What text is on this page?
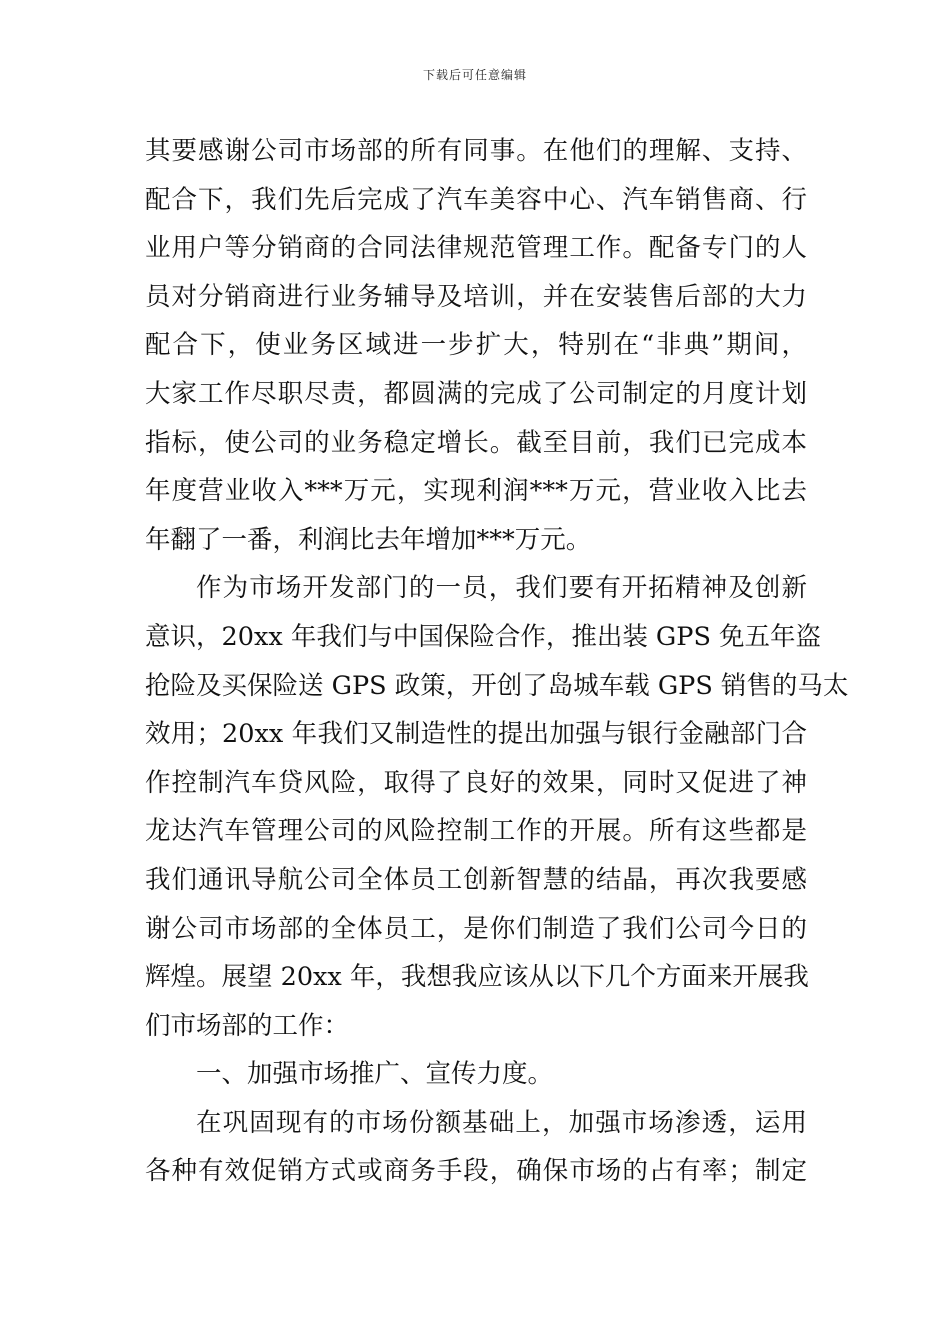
下载后可任意编辑
其要感谢公司市场部的所有同事。在他们的理解、支持、
配合下，我们先后完成了汽车美容中心、汽车销售商、行
业用户等分销商的合同法律规范管理工作。配备专门的人
员对分销商进行业务辅导及培训，并在安装售后部的大力
配合下，使业务区域进一步扩大，特别在“非典”期间，
大家工作尽职尽责，都圆满的完成了公司制定的月度计划
指标，使公司的业务稳定增长。截至目前，我们已完成本
年度营业收入***万元，实现利润***万元，营业收入比去
年翻了一番，利润比去年增加***万元。
作为市场开发部门的一员，我们要有开拓精神及创新
意识，20xx 年我们与中国保险合作，推出装 GPS 免五年盗
抢险及买保险送 GPS 政策，开创了岛城车载 GPS 销售的马太
效用；20xx 年我们又制造性的提出加强与银行金融部门合
作控制汽车贷风险，取得了良好的效果，同时又促进了神
龙达汽车管理公司的风险控制工作的开展。所有这些都是
我们通讯导航公司全体员工创新智慧的结晶，再次我要感
谢公司市场部的全体员工，是你们制造了我们公司今日的
辉煌。展望 20xx 年，我想我应该从以下几个方面来开展我
们市场部的工作：
一、加强市场推广、宣传力度。
在巩固现有的市场份额基础上，加强市场渗透，运用
各种有效促销方式或商务手段，确保市场的占有率；制定
